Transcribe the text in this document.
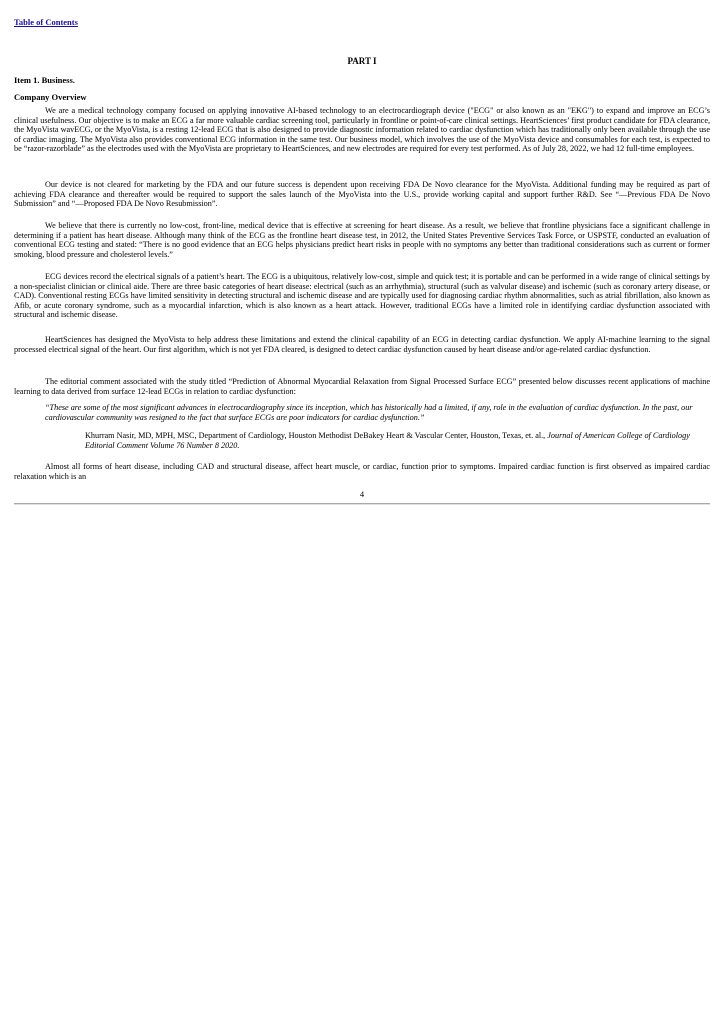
Table of Contents
PART I
Item 1. Business.
Company Overview

We are a medical technology company focused on applying innovative AI-based technology to an electrocardiograph device ("ECG" or also known as an "EKG") to expand and improve an ECG’s clinical usefulness. Our objective is to make an ECG a far more valuable cardiac screening tool, particularly in frontline or point-of-care clinical settings. HeartSciences’ first product candidate for FDA clearance, the MyoVista wavECG, or the MyoVista, is a resting 12-lead ECG that is also designed to provide diagnostic information related to cardiac dysfunction which has traditionally only been available through the use of cardiac imaging. The MyoVista also provides conventional ECG information in the same test. Our business model, which involves the use of the MyoVista device and consumables for each test, is expected to be “razor-razorblade” as the electrodes used with the MyoVista are proprietary to HeartSciences, and new electrodes are required for every test performed. As of July 28, 2022, we had 12 full-time employees.

Our device is not cleared for marketing by the FDA and our future success is dependent upon receiving FDA De Novo clearance for the MyoVista. Additional funding may be required as part of achieving FDA clearance and thereafter would be required to support the sales launch of the MyoVista into the U.S., provide working capital and support further R&D. See “—Previous FDA De Novo Submission” and “—Proposed FDA De Novo Resubmission”.

We believe that there is currently no low-cost, front-line, medical device that is effective at screening for heart disease. As a result, we believe that frontline physicians face a significant challenge in determining if a patient has heart disease. Although many think of the ECG as the frontline heart disease test, in 2012, the United States Preventive Services Task Force, or USPSTF, conducted an evaluation of conventional ECG testing and stated: “There is no good evidence that an ECG helps physicians predict heart risks in people with no symptoms any better than traditional considerations such as current or former smoking, blood pressure and cholesterol levels.”

ECG devices record the electrical signals of a patient’s heart. The ECG is a ubiquitous, relatively low-cost, simple and quick test; it is portable and can be performed in a wide range of clinical settings by a non-specialist clinician or clinical aide. There are three basic categories of heart disease: electrical (such as an arrhythmia), structural (such as valvular disease) and ischemic (such as coronary artery disease, or CAD). Conventional resting ECGs have limited sensitivity in detecting structural and ischemic disease and are typically used for diagnosing cardiac rhythm abnormalities, such as atrial fibrillation, also known as Afib, or acute coronary syndrome, such as a myocardial infarction, which is also known as a heart attack. However, traditional ECGs have a limited role in identifying cardiac dysfunction associated with structural and ischemic disease.

HeartSciences has designed the MyoVista to help address these limitations and extend the clinical capability of an ECG in detecting cardiac dysfunction. We apply AI-machine learning to the signal processed electrical signal of the heart. Our first algorithm, which is not yet FDA cleared, is designed to detect cardiac dysfunction caused by heart disease and/or age-related cardiac dysfunction.

The editorial comment associated with the study titled “Prediction of Abnormal Myocardial Relaxation from Signal Processed Surface ECG” presented below discusses recent applications of machine learning to data derived from surface 12-lead ECGs in relation to cardiac dysfunction:

“These are some of the most significant advances in electrocardiography since its inception, which has historically had a limited, if any, role in the evaluation of cardiac dysfunction. In the past, our cardiovascular community was resigned to the fact that surface ECGs are poor indicators for cardiac dysfunction.”

Khurram Nasir, MD, MPH, MSC, Department of Cardiology, Houston Methodist DeBakey Heart & Vascular Center, Houston, Texas, et. al., Journal of American College of Cardiology Editorial Comment Volume 76 Number 8 2020.

Almost all forms of heart disease, including CAD and structural disease, affect heart muscle, or cardiac, function prior to symptoms. Impaired cardiac function is first observed as impaired cardiac relaxation which is an

4
